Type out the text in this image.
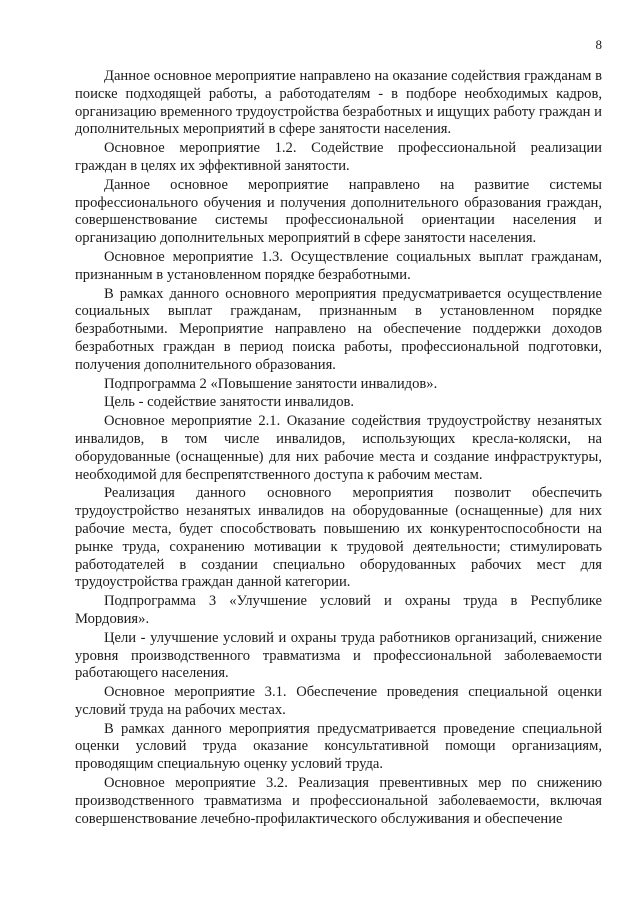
8

Данное основное мероприятие направлено на оказание содействия гражданам в поиске подходящей работы, а работодателям - в подборе необходимых кадров, организацию временного трудоустройства безработных и ищущих работу граждан и дополнительных мероприятий в сфере занятости населения.

Основное мероприятие 1.2. Содействие профессиональной реализации граждан в целях их эффективной занятости.

Данное основное мероприятие направлено на развитие системы профессионального обучения и получения дополнительного образования граждан, совершенствование системы профессиональной ориентации населения и организацию дополнительных мероприятий в сфере занятости населения.

Основное мероприятие 1.3. Осуществление социальных выплат гражданам, признанным в установленном порядке безработными.

В рамках данного основного мероприятия предусматривается осуществление социальных выплат гражданам, признанным в установленном порядке безработными. Мероприятие направлено на обеспечение поддержки доходов безработных граждан в период поиска работы, профессиональной подготовки, получения дополнительного образования.

Подпрограмма 2 «Повышение занятости инвалидов».

Цель - содействие занятости инвалидов.

Основное мероприятие 2.1. Оказание содействия трудоустройству незанятых инвалидов, в том числе инвалидов, использующих кресла-коляски, на оборудованные (оснащенные) для них рабочие места и создание инфраструктуры, необходимой для беспрепятственного доступа к рабочим местам.

Реализация данного основного мероприятия позволит обеспечить трудоустройство незанятых инвалидов на оборудованные (оснащенные) для них рабочие места, будет способствовать повышению их конкурентоспособности на рынке труда, сохранению мотивации к трудовой деятельности; стимулировать работодателей в создании специально оборудованных рабочих мест для трудоустройства граждан данной категории.

Подпрограмма 3 «Улучшение условий и охраны труда в Республике Мордовия».

Цели - улучшение условий и охраны труда работников организаций, снижение уровня производственного травматизма и профессиональной заболеваемости работающего населения.

Основное мероприятие 3.1. Обеспечение проведения специальной оценки условий труда на рабочих местах.

В рамках данного мероприятия предусматривается проведение специальной оценки условий труда оказание консультативной помощи организациям, проводящим специальную оценку условий труда.

Основное мероприятие 3.2. Реализация превентивных мер по снижению производственного травматизма и профессиональной заболеваемости, включая совершенствование лечебно-профилактического обслуживания и обеспечение
